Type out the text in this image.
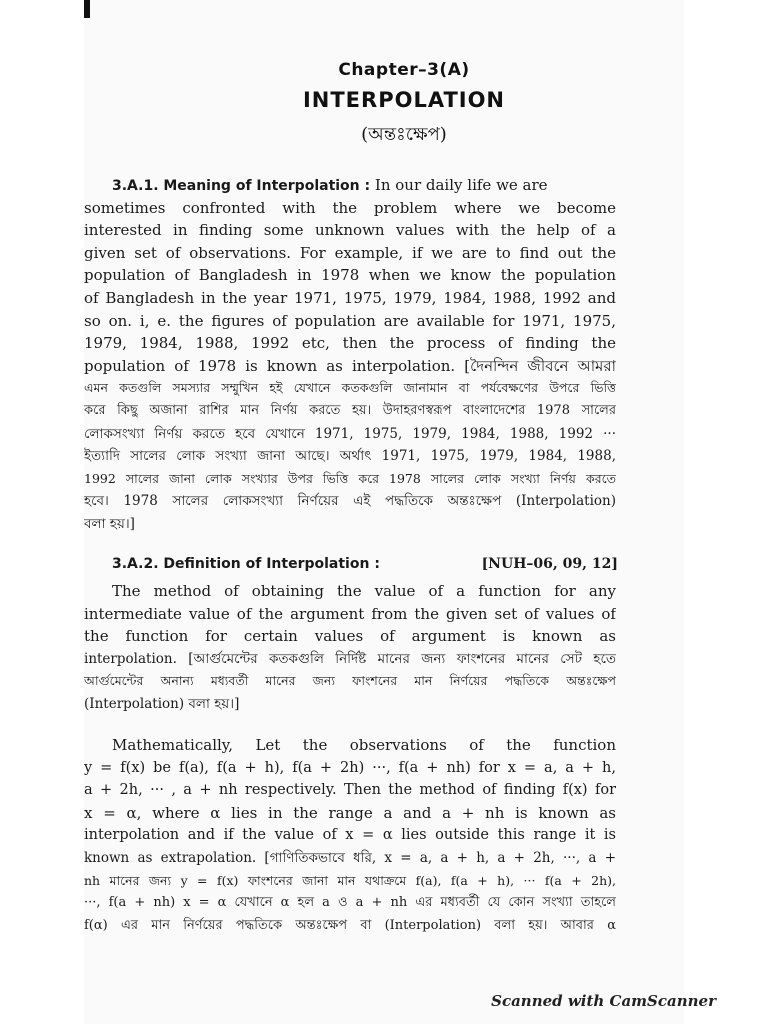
Chapter–3(A)
INTERPOLATION
(অন্তঃক্ষেপ)
3.A.1. Meaning of Interpolation : In our daily life we are
sometimes confronted with the problem where we become
interested in finding some unknown values with the help of a
given set of observations. For example, if we are to find out the
population of Bangladesh in 1978 when we know the population
of Bangladesh in the year 1971, 1975, 1979, 1984, 1988, 1992 and
so on. i, e. the figures of population are available for 1971, 1975,
1979, 1984, 1988, 1992 etc, then the process of finding the
population of 1978 is known as interpolation. [দৈনন্দিন জীবনে আমরা
এমন কতগুলি সমস্যার সম্মুখিন হই যেখানে কতকগুলি জানামান বা পর্যবেক্ষণের উপরে ভিত্তি
করে কিছু অজানা রাশির মান নির্ণয় করতে হয়। উদাহরণস্বরূপ বাংলাদেশের 1978 সালের
লোকসংখ্যা নির্ণয় করতে হবে যেখানে 1971, 1975, 1979, 1984, 1988, 1992 ···
ইত্যাদি সালের লোক সংখ্যা জানা আছে। অর্থাৎ 1971, 1975, 1979, 1984, 1988,
1992 সালের জানা লোক সংখ্যার উপর ভিত্তি করে 1978 সালের লোক সংখ্যা নির্ণয় করতে
হবে। 1978 সালের লোকসংখ্যা নির্ণয়ের এই পদ্ধতিকে অন্তঃক্ষেপ (Interpolation)
বলা হয়।]
3.A.2. Definition of Interpolation :	[NUH–06, 09, 12]
The method of obtaining the value of a function for any
intermediate value of the argument from the given set of values of
the function for certain values of argument is known as
interpolation. [আর্গুমেন্টের কতকগুলি নির্দিষ্ট মানের জন্য ফাংশনের মানের সেট হতে
আর্গুমেন্টের অনান্য মধ্যবর্তী মানের জন্য ফাংশনের মান নির্ণয়ের পদ্ধতিকে অন্তঃক্ষেপ
(Interpolation) বলা হয়।]
Mathematically, Let the observations of the function
y = f(x) be f(a), f(a + h), f(a + 2h) ···, f(a + nh) for x = a, a + h,
a + 2h, ··· , a + nh respectively. Then the method of finding f(x) for
x = α, where α lies in the range a and a + nh is known as
interpolation and if the value of x = α lies outside this range it is
known as extrapolation. [গাণিতিকভাবে ধরি, x = a, a + h, a + 2h, ···, a +
nh মানের জন্য y = f(x) ফাংশনের জানা মান যথাক্রমে f(a), f(a + h), ··· f(a + 2h),
···, f(a + nh) x = α যেখানে α হল a ও a + nh এর মধ্যবর্তী যে কোন সংখ্যা তাহলে
f(α) এর মান নির্ণয়ের পদ্ধতিকে অন্তঃক্ষেপ বা (Interpolation) বলা হয়। আবার α
Scanned with CamScanner
